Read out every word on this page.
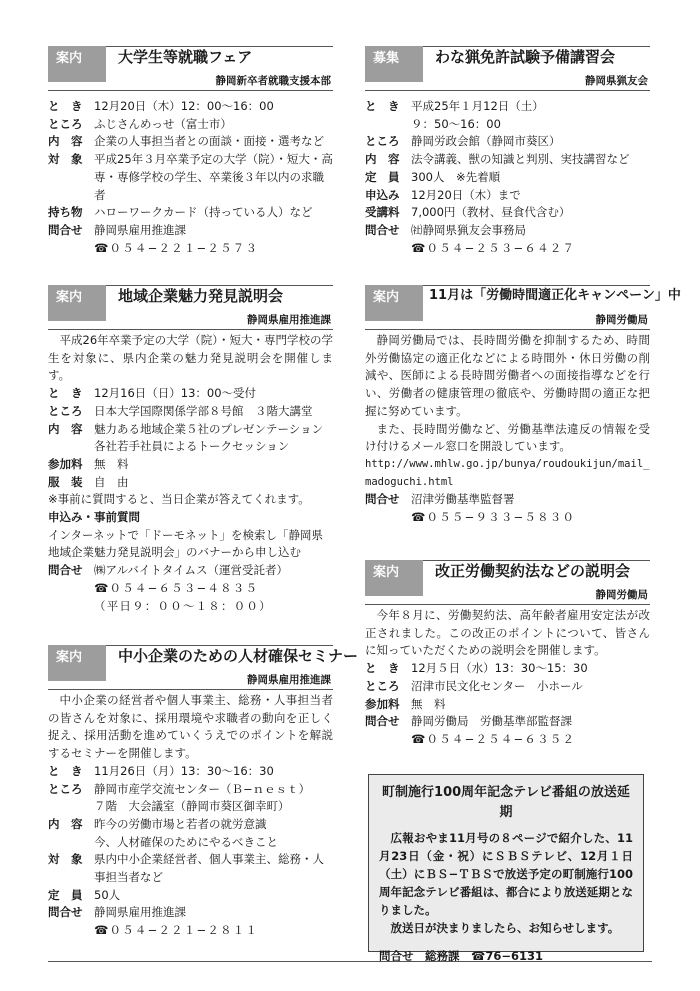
案内	大学生等就職フェア
静岡新卒者就職支援本部
と　き	12月20日（木）12：00〜16：00
ところ	ふじさんめっせ（富士市）
内　容	企業の人事担当者との面談・面接・選考など
対　象	平成25年３月卒業予定の大学（院）・短大・高専・専修学校の学生、卒業後３年以内の求職者
持ち物	ハローワークカード（持っている人）など
問合せ	静岡県雇用推進課
☎０５４−２２１−２５７３
案内	地域企業魅力発見説明会
静岡県雇用推進課
平成26年卒業予定の大学（院）・短大・専門学校の学生を対象に、県内企業の魅力発見説明会を開催します。
と　き	12月16日（日）13：00〜受付
ところ	日本大学国際関係学部８号館　３階大講堂
内　容	魅力ある地域企業５社のプレゼンテーション
各社若手社員によるトークセッション
参加料	無　料
服　装	自　由
※事前に質問すると、当日企業が答えてくれます。
申込み・事前質問
インターネットで「ドーモネット」を検索し「静岡県地域企業魅力発見説明会」のバナーから申し込む
問合せ	㈱アルバイトタイムス（運営受託者）
☎０５４−６５３−４８３５
（平日９：００〜１８：００）
案内	中小企業のための人材確保セミナー
静岡県雇用推進課
中小企業の経営者や個人事業主、総務・人事担当者の皆さんを対象に、採用環境や求職者の動向を正しく捉え、採用活動を進めていくうえでのポイントを解説するセミナーを開催します。
と　き	11月26日（月）13：30〜16：30
ところ	静岡市産学交流センター（Ｂ−ｎｅｓｔ）
７階　大会議室（静岡市葵区御幸町）
内　容	昨今の労働市場と若者の就労意識
今、人材確保のためにやるべきこと
対　象	県内中小企業経営者、個人事業主、総務・人事担当者など
定　員	50人
問合せ	静岡県雇用推進課
☎０５４−２２１−２８１１
募集	わな猟免許試験予備講習会
静岡県猟友会
と　き	平成25年１月12日（土）
９：50〜16：00
ところ	静岡労政会館（静岡市葵区）
内　容	法令講義、獣の知識と判別、実技講習など
定　員	300人　※先着順
申込み	12月20日（木）まで
受講料	7,000円（教材、昼食代含む）
問合せ	㈳静岡県猟友会事務局
☎０５４−２５３−６４２７
案内	11月は「労働時間適正化キャンペーン」中
静岡労働局
静岡労働局では、長時間労働を抑制するため、時間外労働協定の適正化などによる時間外・休日労働の削減や、医師による長時間労働者への面接指導などを行い、労働者の健康管理の徹底や、労働時間の適正な把握に努めています。
また、長時間労働など、労働基準法違反の情報を受け付けるメール窓口を開設しています。
http://www.mhlw.go.jp/bunya/roudoukijun/mail_madoguchi.html
問合せ	沼津労働基準監督署
☎０５５−９３３−５８３０
案内	改正労働契約法などの説明会
静岡労働局
今年８月に、労働契約法、高年齢者雇用安定法が改正されました。この改正のポイントについて、皆さんに知っていただくための説明会を開催します。
と　き	12月５日（水）13：30〜15：30
ところ	沼津市民文化センター　小ホール
参加料	無　料
問合せ	静岡労働局　労働基準部監督課
☎０５４−２５４−６３５２
町制施行100周年記念テレビ番組の放送延期
広報おやま11月号の８ページで紹介した、11月23日（金・祝）にＳＢＳテレビ、12月１日（土）にＢＳ−ＴＢＳで放送予定の町制施行100周年記念テレビ番組は、都合により放送延期となりました。
放送日が決まりましたら、お知らせします。
問合せ　総務課　☎76−6131
